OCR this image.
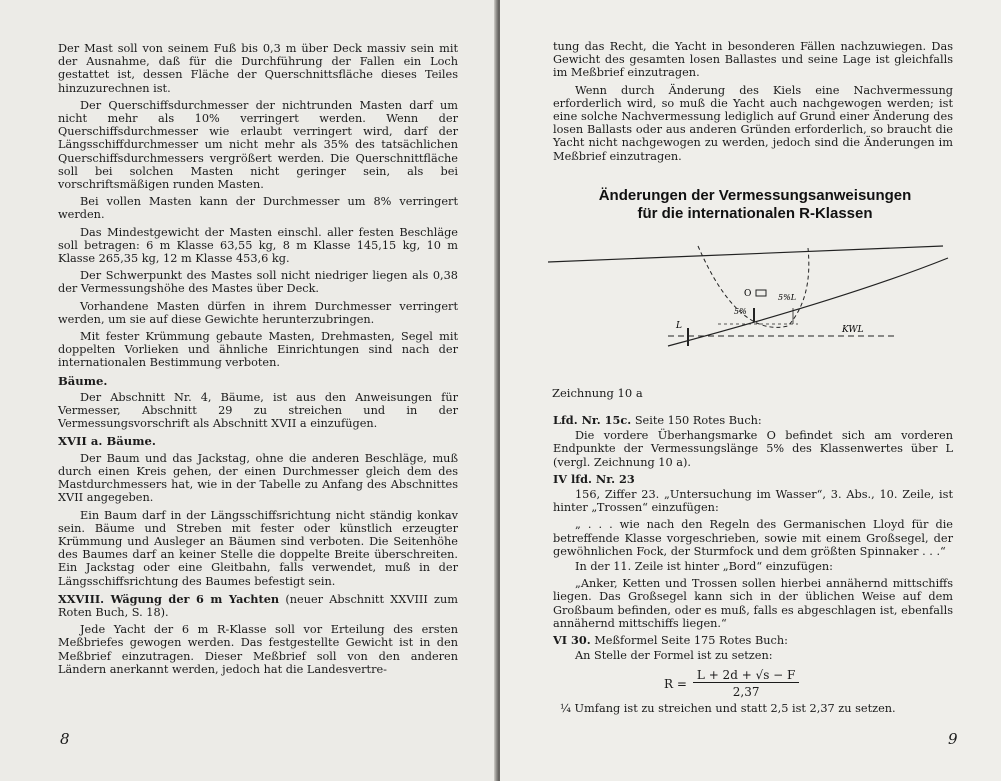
Der Mast soll von seinem Fuß bis 0,3 m über Deck massiv sein mit der Ausnahme, daß für die Durchführung der Fallen ein Loch gestattet ist, dessen Fläche der Querschnittsfläche dieses Teiles hinzuzurechnen ist.

Der Querschiffsdurchmesser der nichtrunden Masten darf um nicht mehr als 10% verringert werden. Wenn der Querschiffsdurchmesser wie erlaubt verringert wird, darf der Längsschiffdurchmesser um nicht mehr als 35% des tatsächlichen Querschiffsdurchmessers vergrößert werden. Die Querschnittfläche soll bei solchen Masten nicht geringer sein, als bei vorschriftsmäßigen runden Masten.

Bei vollen Masten kann der Durchmesser um 8% verringert werden.

Das Mindestgewicht der Masten einschl. aller festen Beschläge soll betragen: 6 m Klasse 63,55 kg, 8 m Klasse 145,15 kg, 10 m Klasse 265,35 kg, 12 m Klasse 453,6 kg.

Der Schwerpunkt des Mastes soll nicht niedriger liegen als 0,38 der Vermessungshöhe des Mastes über Deck.

Vorhandene Masten dürfen in ihrem Durchmesser verringert werden, um sie auf diese Gewichte herunterzubringen.

Mit fester Krümmung gebaute Masten, Drehmasten, Segel mit doppelten Vorlieken und ähnliche Einrichtungen sind nach der internationalen Bestimmung verboten.

Bäume.

Der Abschnitt Nr. 4, Bäume, ist aus den Anweisungen für Vermesser, Abschnitt 29 zu streichen und in der Vermessungsvorschrift als Abschnitt XVII a einzufügen.

XVII a. Bäume.

Der Baum und das Jackstag, ohne die anderen Beschläge, muß durch einen Kreis gehen, der einen Durchmesser gleich dem des Mastdurchmessers hat, wie in der Tabelle zu Anfang des Abschnittes XVII angegeben.

Ein Baum darf in der Längsschiffsrichtung nicht ständig konkav sein. Bäume und Streben mit fester oder künstlich erzeugter Krümmung und Ausleger an Bäumen sind verboten. Die Seitenhöhe des Baumes darf an keiner Stelle die doppelte Breite überschreiten. Ein Jackstag oder eine Gleitbahn, falls verwendet, muß in der Längsschiffsrichtung des Baumes befestigt sein.

XXVIII. Wägung der 6 m Yachten (neuer Abschnitt XXVIII zum Roten Buch, S. 18).

Jede Yacht der 6 m R-Klasse soll vor Erteilung des ersten Meßbriefes gewogen werden. Das festgestellte Gewicht ist in den Meßbrief einzutragen. Dieser Meßbrief soll von den anderen Ländern anerkannt werden, jedoch hat die Landesvertre-

8

tung das Recht, die Yacht in besonderen Fällen nachzuwiegen. Das Gewicht des gesamten losen Ballastes und seine Lage ist gleichfalls im Meßbrief einzutragen.

Wenn durch Änderung des Kiels eine Nachvermessung erforderlich wird, so muß die Yacht auch nachgewogen werden; ist eine solche Nachvermessung lediglich auf Grund einer Änderung des losen Ballasts oder aus anderen Gründen erforderlich, so braucht die Yacht nicht nachgewogen zu werden, jedoch sind die Änderungen im Meßbrief einzutragen.

Änderungen der Vermessungsanweisungen
für die internationalen R-Klassen
O
L
5%
5%L
KWL
Zeichnung 10 a

Lfd. Nr. 15c. Seite 150 Rotes Buch:

Die vordere Überhangsmarke O befindet sich am vorderen Endpunkte der Vermessungslänge 5% des Klassenwertes über L (vergl. Zeichnung 10 a).

IV lfd. Nr. 23

156, Ziffer 23. „Untersuchung im Wasser“, 3. Abs., 10. Zeile, ist hinter „Trossen“ einzufügen:

„ . . . wie nach den Regeln des Germanischen Lloyd für die betreffende Klasse vorgeschrieben, sowie mit einem Großsegel, der gewöhnlichen Fock, der Sturmfock und dem größten Spinnaker . . .“

In der 11. Zeile ist hinter „Bord“ einzufügen:

„Anker, Ketten und Trossen sollen hierbei annähernd mittschiffs liegen. Das Großsegel kann sich in der üblichen Weise auf dem Großbaum befinden, oder es muß, falls es abgeschlagen ist, ebenfalls annähernd mittschiffs liegen.“

VI 30. Meßformel Seite 175 Rotes Buch:

An Stelle der Formel ist zu setzen:

$R = \frac{L + 2d + √s - F}{2,37}$

¼ Umfang ist zu streichen und statt 2,5 ist 2,37 zu setzen.

9
